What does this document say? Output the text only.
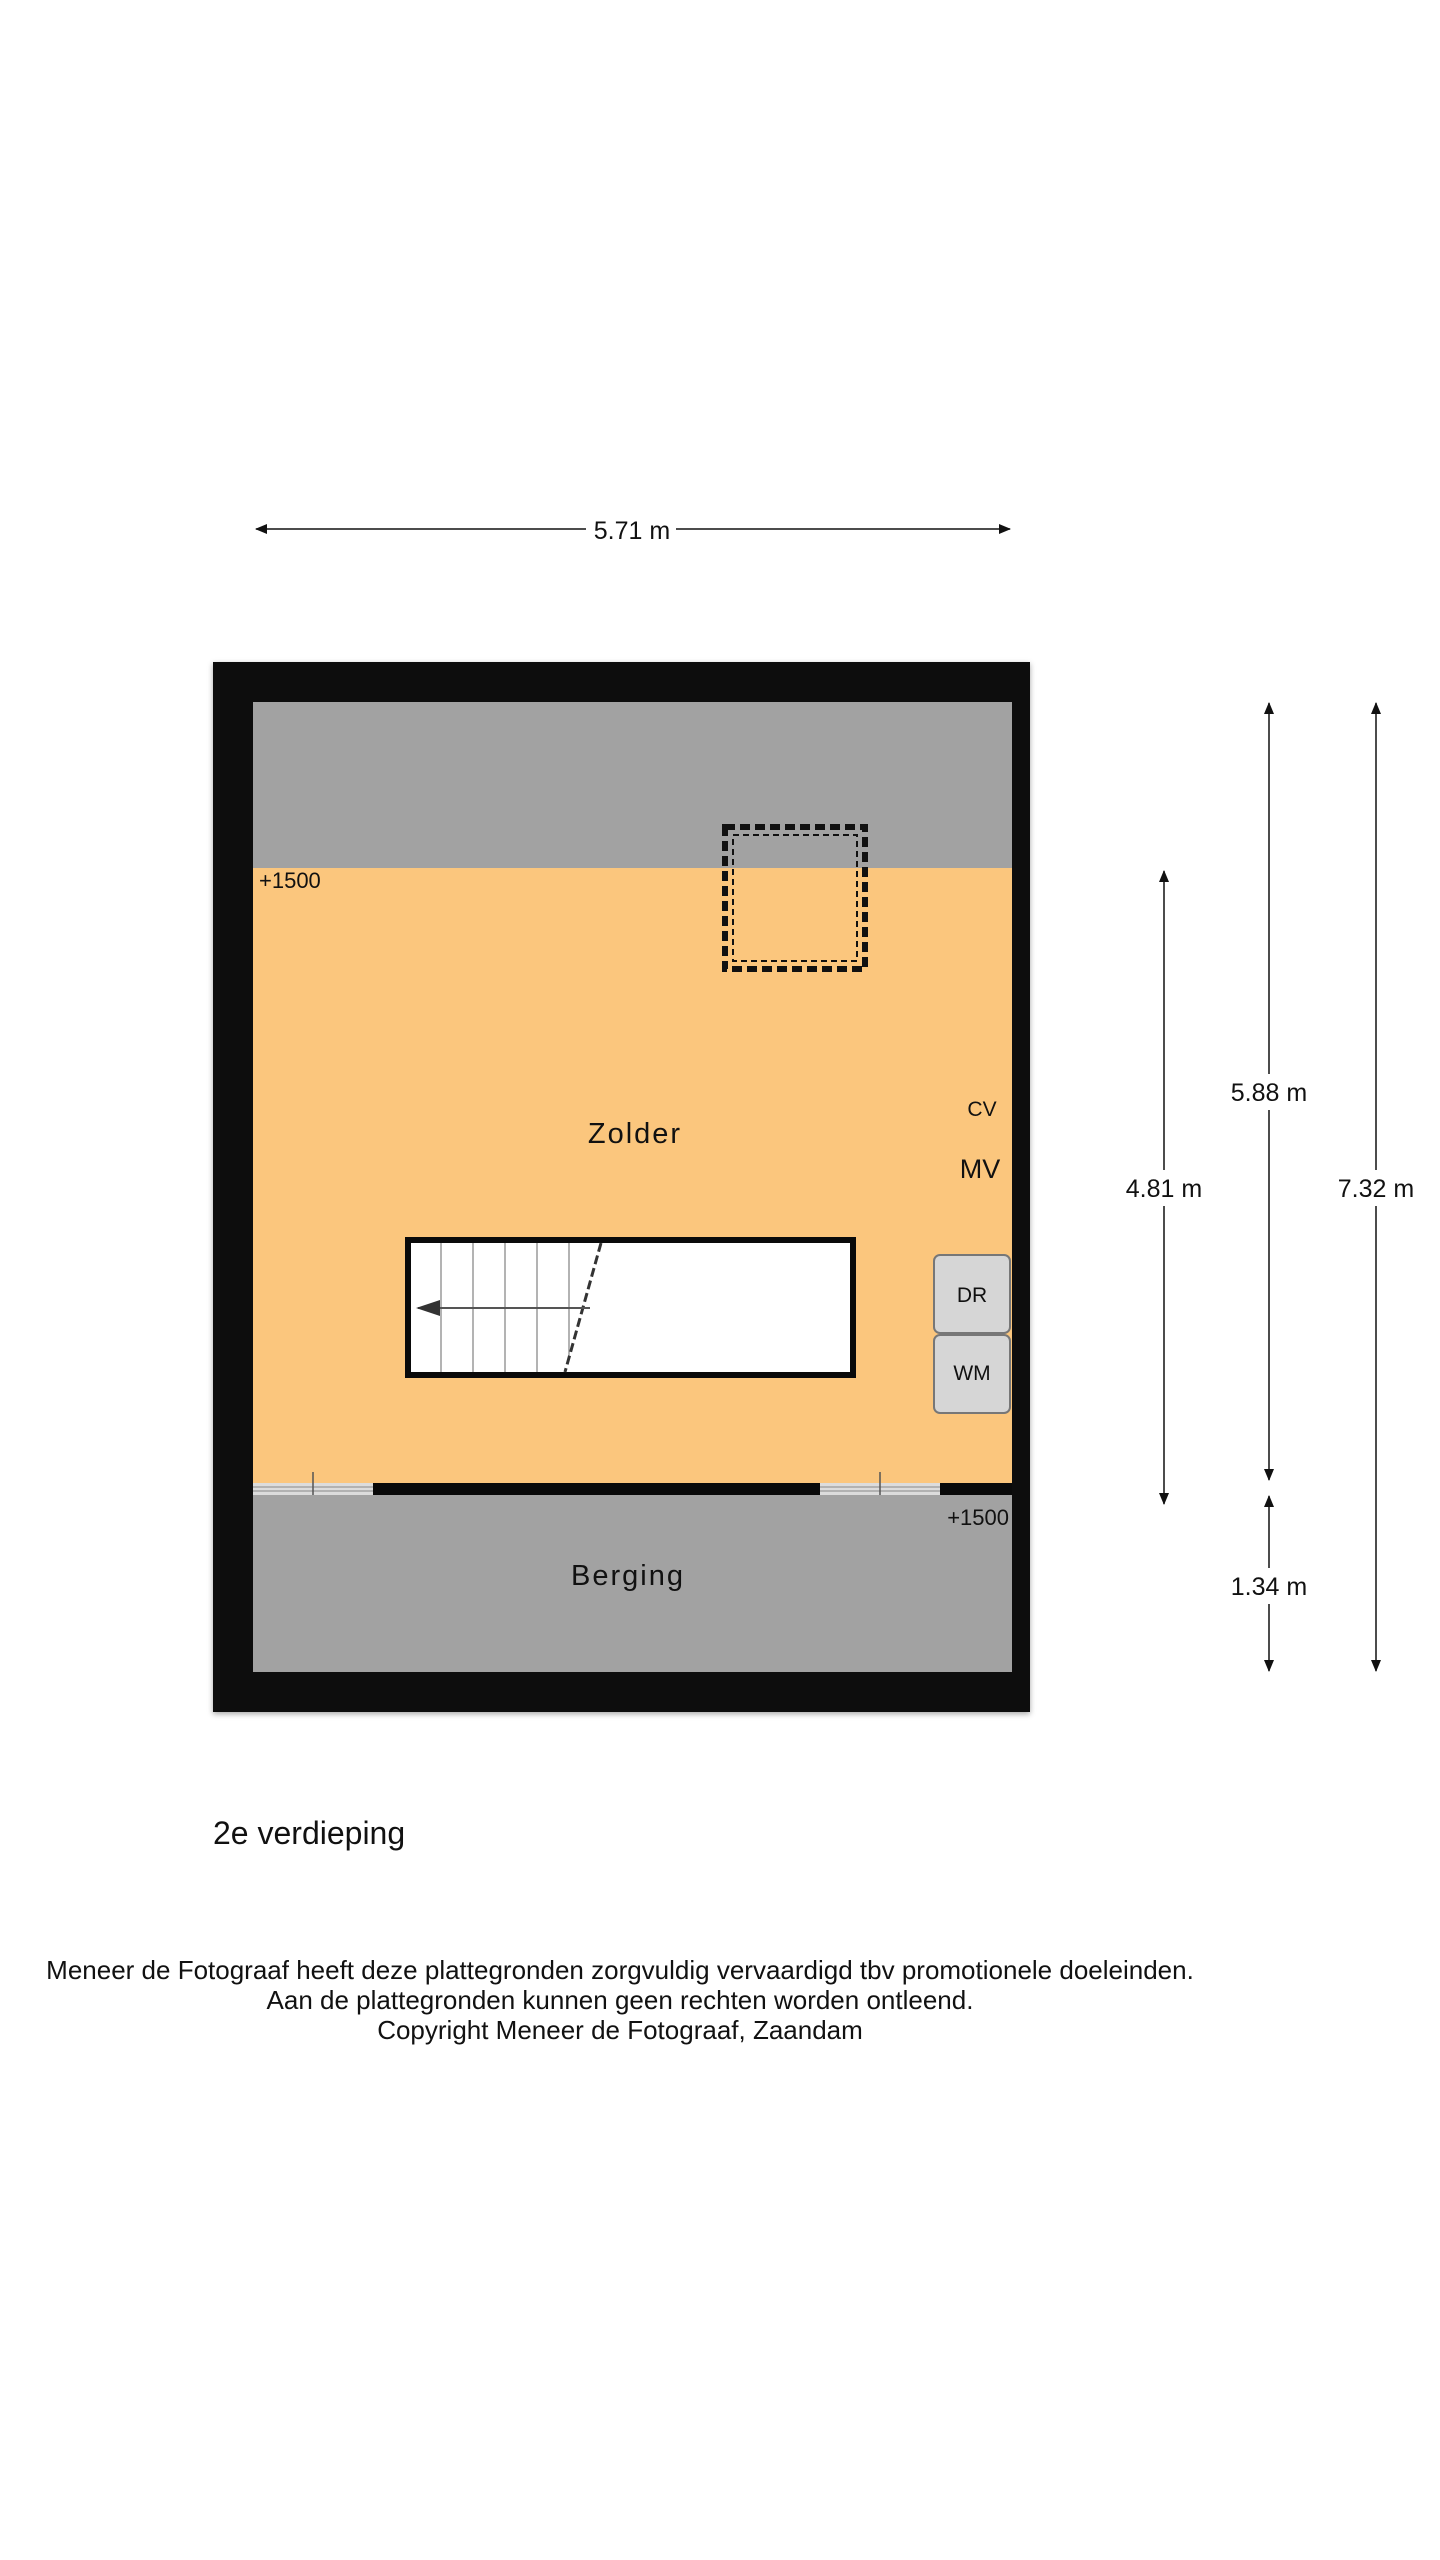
Zolder
Berging
+1500
+1500
CV
MV
DR
WM
5.71 m
4.81 m
5.88 m
1.34 m
7.32 m
2e verdieping
Meneer de Fotograaf heeft deze plattegronden zorgvuldig vervaardigd tbv promotionele doeleinden.
Aan de plattegronden kunnen geen rechten worden ontleend.
Copyright Meneer de Fotograaf, Zaandam
